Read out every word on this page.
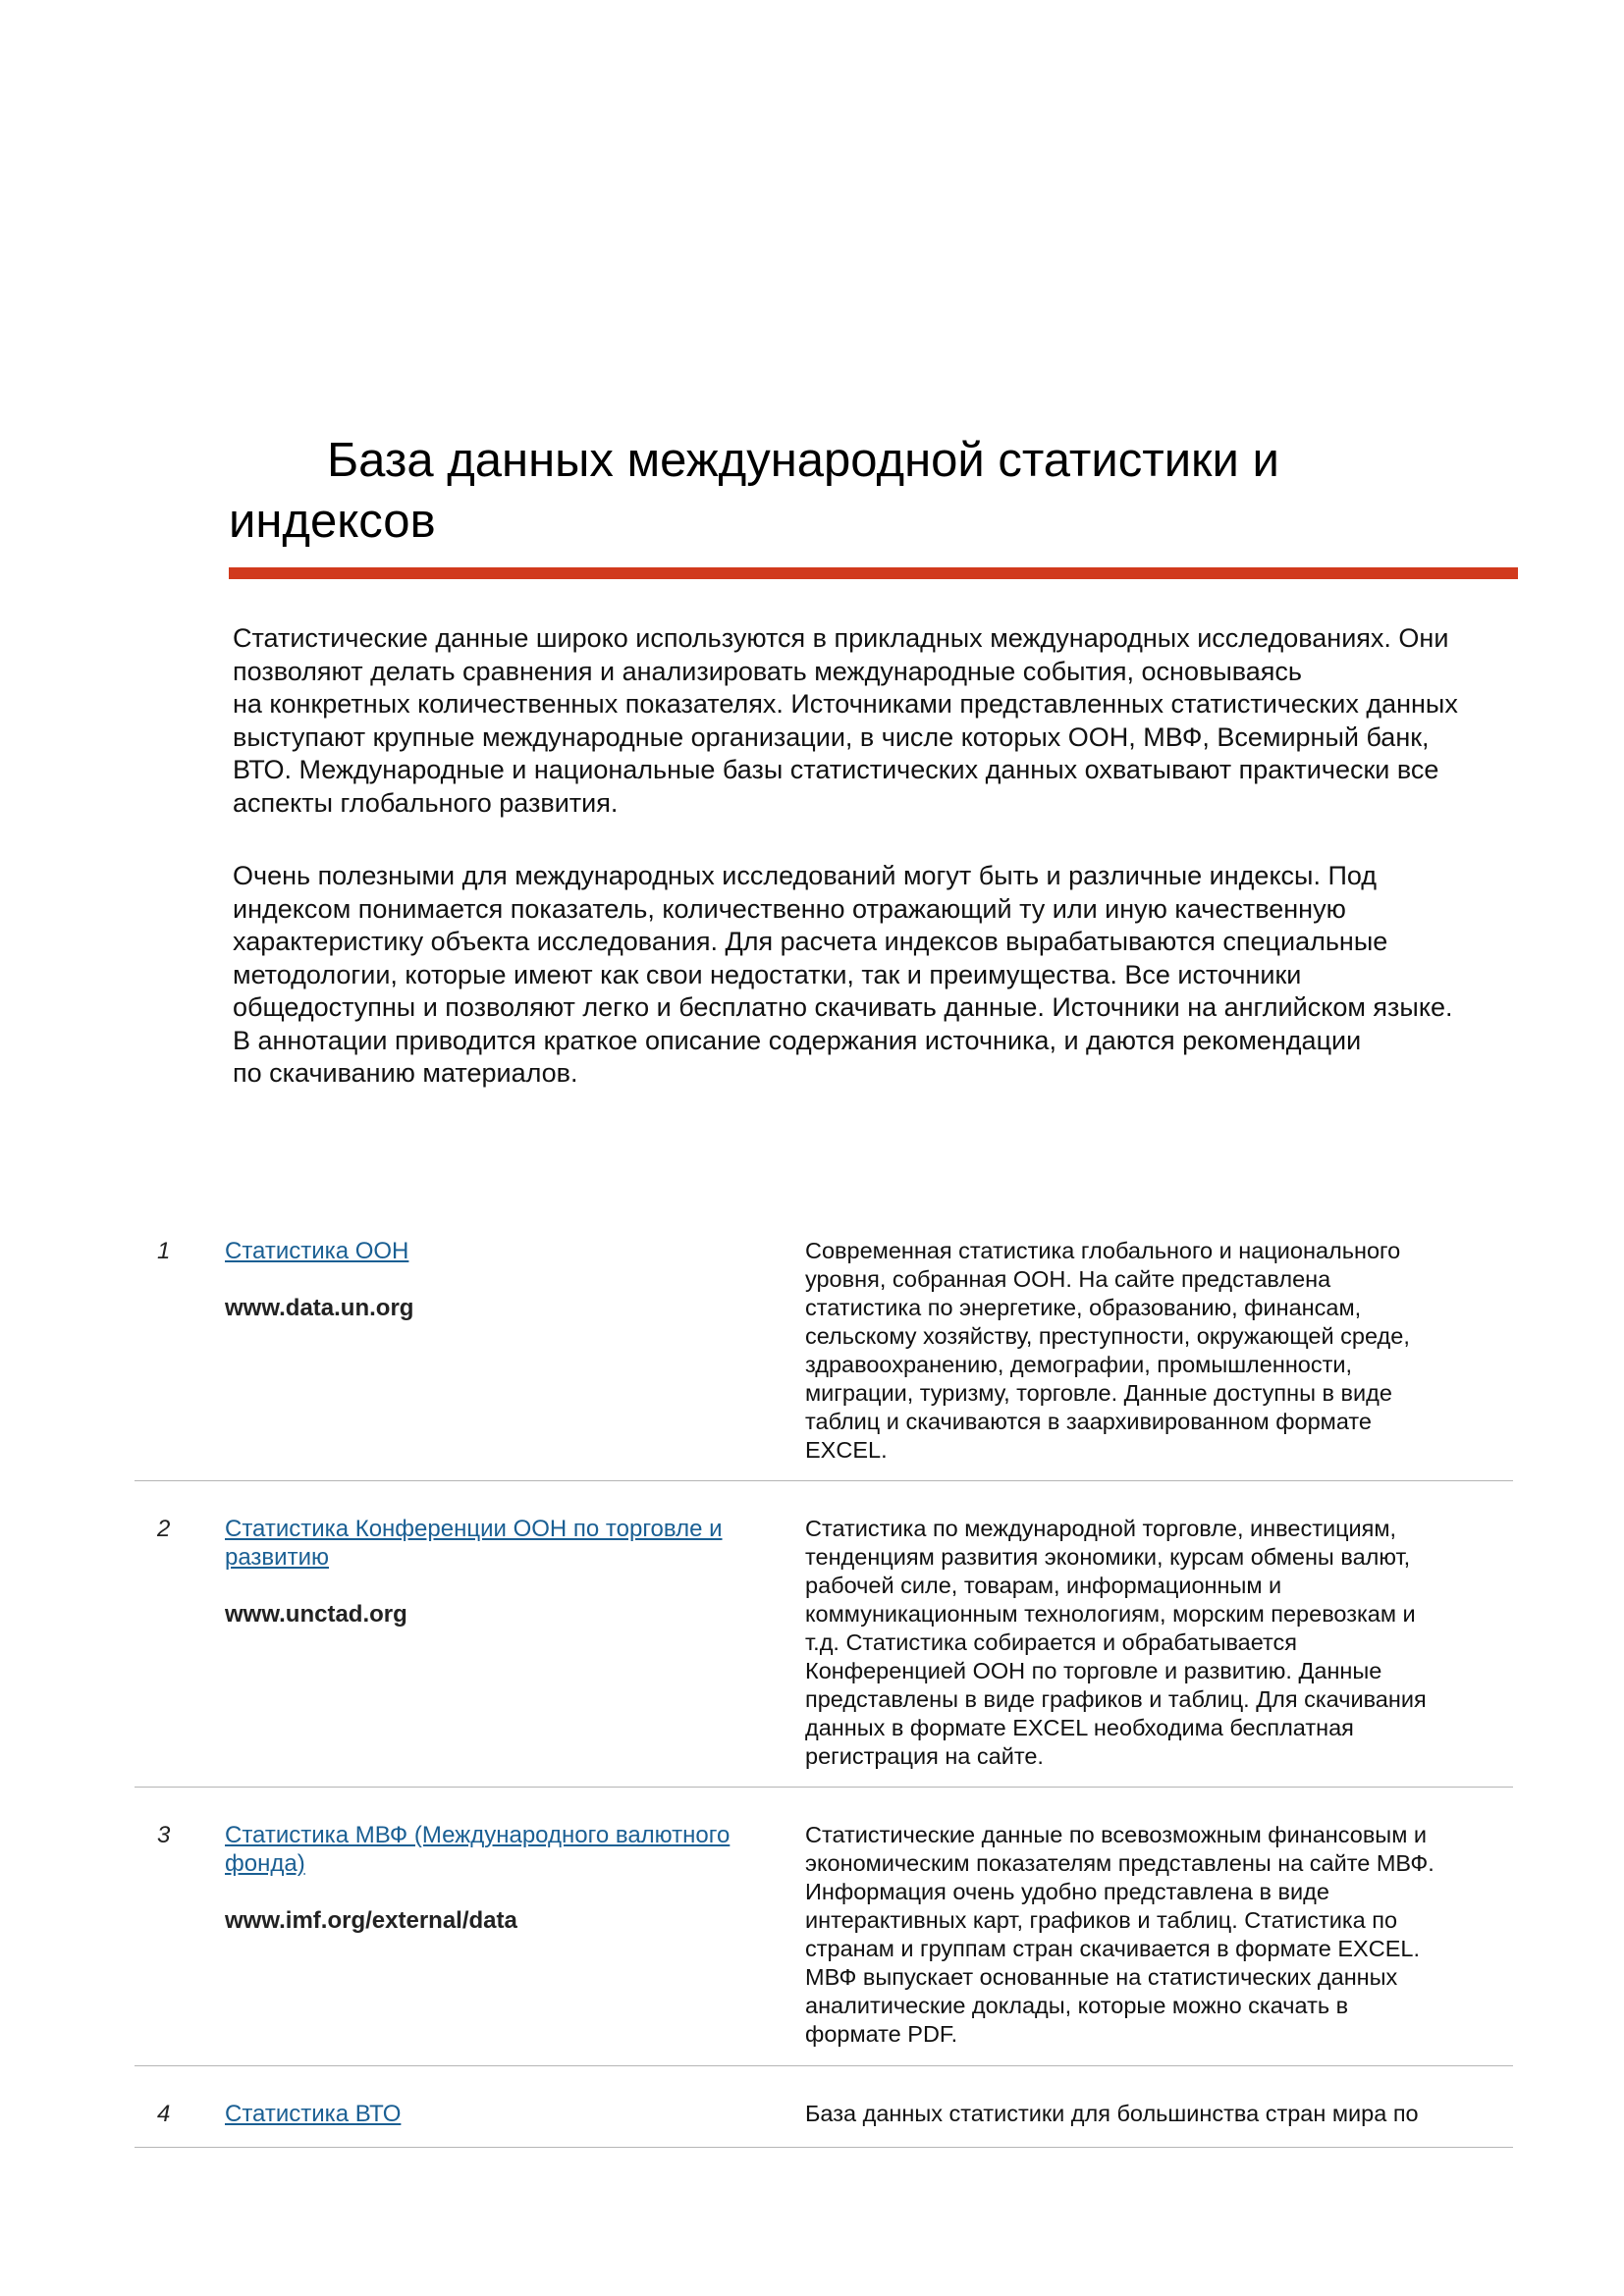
База данных международной статистики и
индексов

Статистические данные широко используются в прикладных международных исследованиях. Они
позволяют делать сравнения и анализировать международные события, основываясь
на конкретных количественных показателях. Источниками представленных статистических данных
выступают крупные международные организации, в числе которых ООН, МВФ, Всемирный банк,
ВТО. Международные и национальные базы статистических данных охватывают практически все
аспекты глобального развития.

Очень полезными для международных исследований могут быть и различные индексы. Под
индексом понимается показатель, количественно отражающий ту или иную качественную
характеристику объекта исследования. Для расчета индексов вырабатываются специальные
методологии, которые имеют как свои недостатки, так и преимущества. Все источники
общедоступны и позволяют легко и бесплатно скачивать данные. Источники на английском языке.
В аннотации приводится краткое описание содержания источника, и даются рекомендации
по скачиванию материалов.

1 Статистика ООН
www.data.un.org
Современная статистика глобального и национального
уровня, собранная ООН. На сайте представлена
статистика по энергетике, образованию, финансам,
сельскому хозяйству, преступности, окружающей среде,
здравоохранению, демографии, промышленности,
миграции, туризму, торговле. Данные доступны в виде
таблиц и скачиваются в заархивированном формате
EXCEL.
2 Статистика Конференции ООН по торговле и
развитию
www.unctad.org
Статистика по международной торговле, инвестициям,
тенденциям развития экономики, курсам обмены валют,
рабочей силе, товарам, информационным и
коммуникационным технологиям, морским перевозкам и
т.д. Статистика собирается и обрабатывается
Конференцией ООН по торговле и развитию. Данные
представлены в виде графиков и таблиц. Для скачивания
данных в формате EXCEL необходима бесплатная
регистрация на сайте.
3 Статистика МВФ (Международного валютного
фонда)
www.imf.org/external/data
Статистические данные по всевозможным финансовым и
экономическим показателям представлены на сайте МВФ.
Информация очень удобно представлена в виде
интерактивных карт, графиков и таблиц. Статистика по
странам и группам стран скачивается в формате EXCEL.
МВФ выпускает основанные на статистических данных
аналитические доклады, которые можно скачать в
формате PDF.
4 Статистика ВТО	База данных статистики для большинства стран мира по
